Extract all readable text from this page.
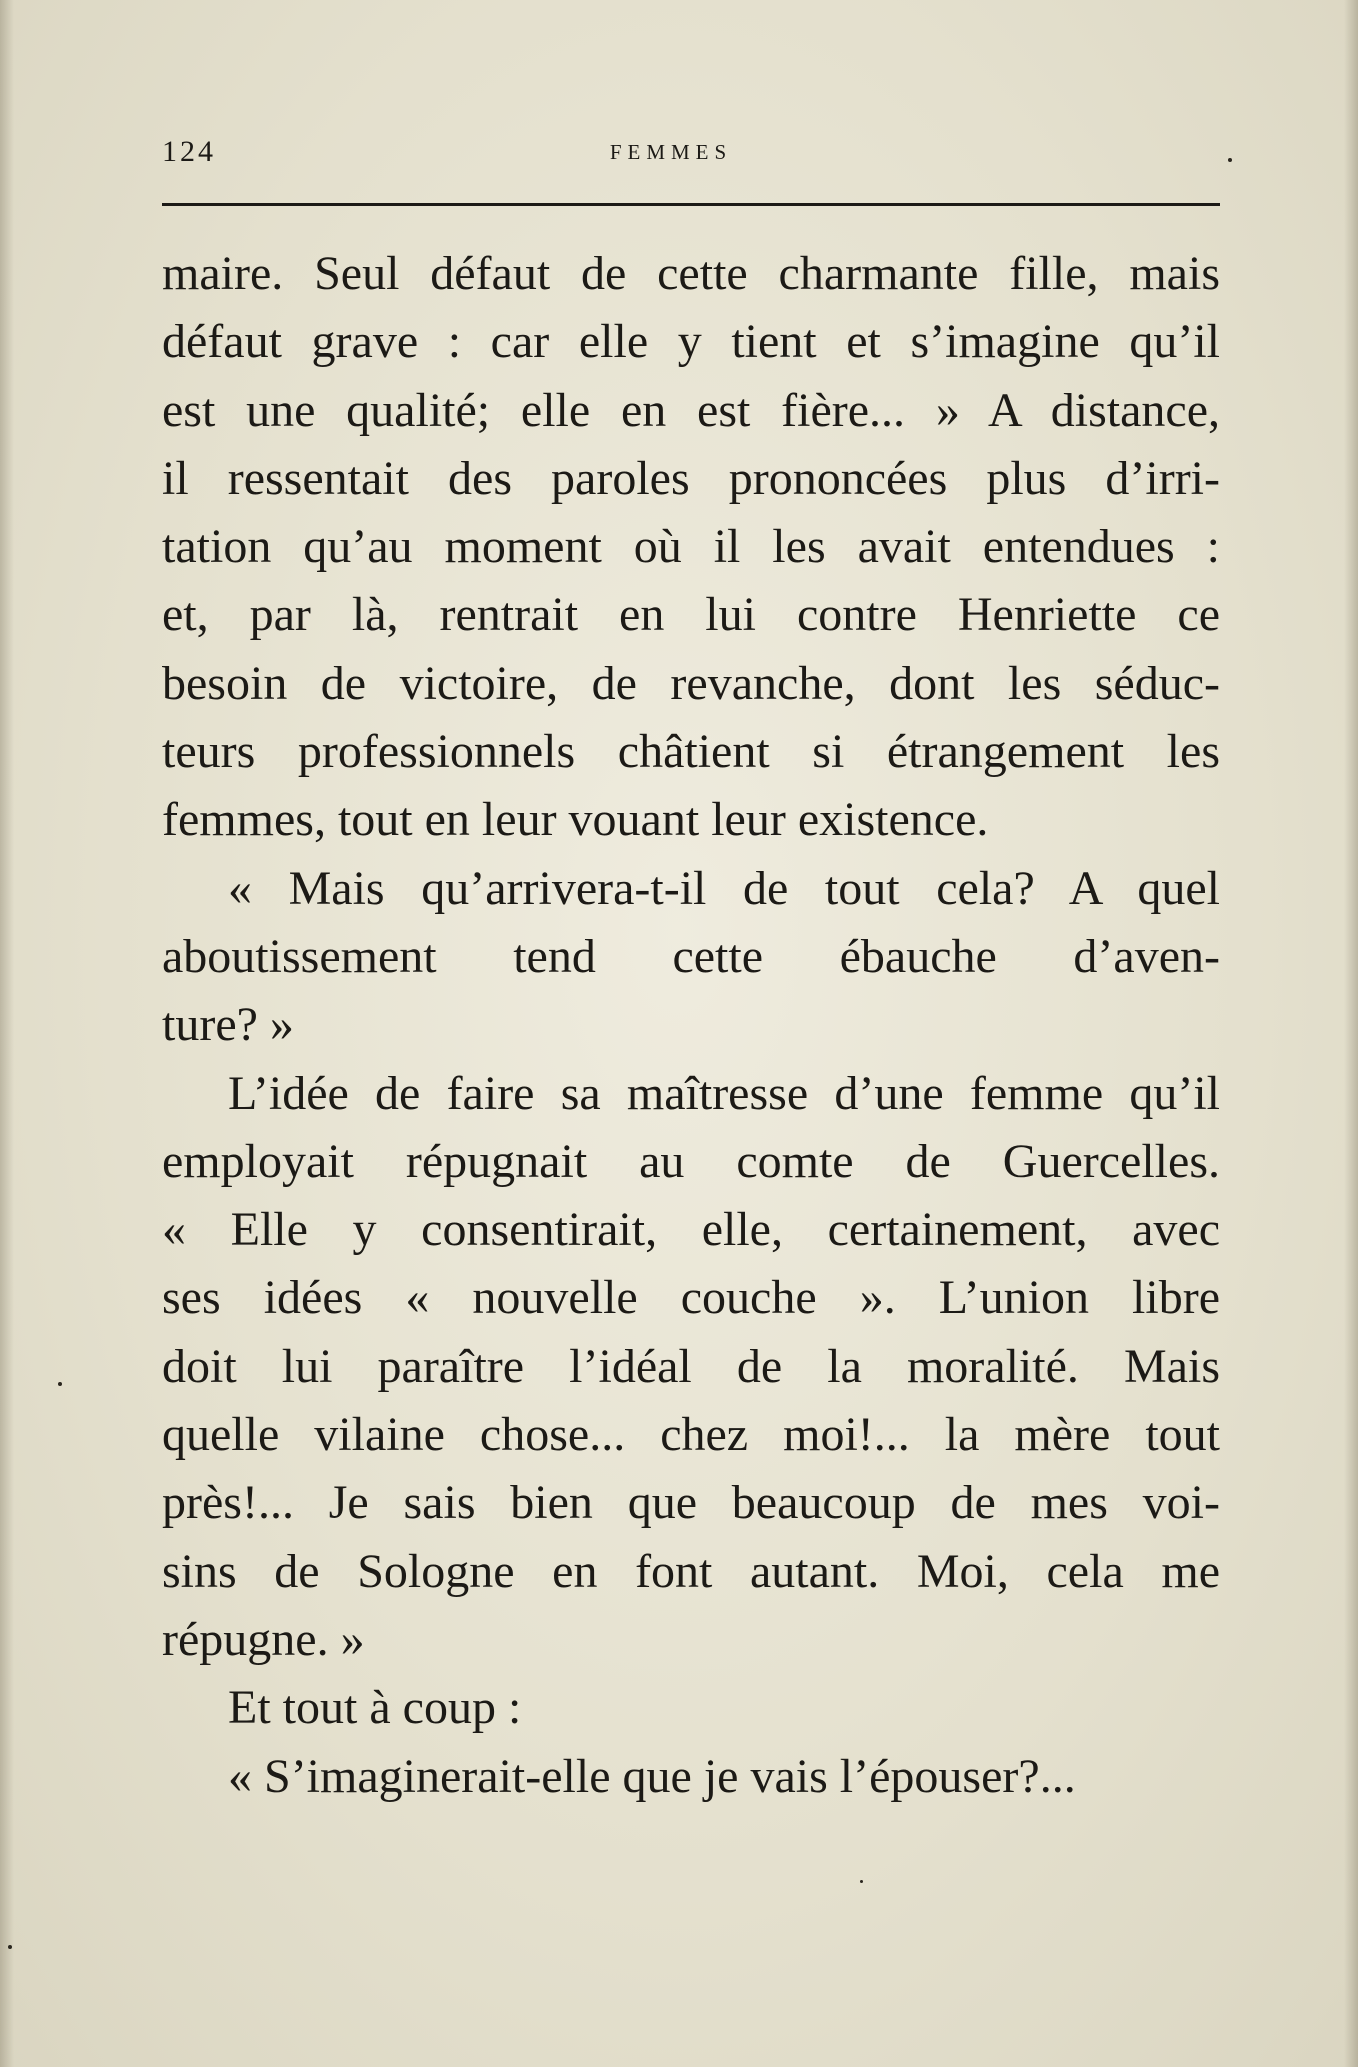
124	FEMMES
maire. Seul défaut de cette charmante fille, mais
défaut grave : car elle y tient et s’imagine qu’il
est une qualité; elle en est fière... » A distance,
il ressentait des paroles prononcées plus d’irri-
tation qu’au moment où il les avait entendues :
et, par là, rentrait en lui contre Henriette ce
besoin de victoire, de revanche, dont les séduc-
teurs professionnels châtient si étrangement les
femmes, tout en leur vouant leur existence.
« Mais qu’arrivera-t-il de tout cela? A quel
aboutissement tend cette ébauche d’aven-
ture? »
L’idée de faire sa maîtresse d’une femme qu’il
employait répugnait au comte de Guercelles.
« Elle y consentirait, elle, certainement, avec
ses idées « nouvelle couche ». L’union libre
doit lui paraître l’idéal de la moralité. Mais
quelle vilaine chose... chez moi!... la mère tout
près!... Je sais bien que beaucoup de mes voi-
sins de Sologne en font autant. Moi, cela me
répugne. »
Et tout à coup :
« S’imaginerait-elle que je vais l’épouser?...
